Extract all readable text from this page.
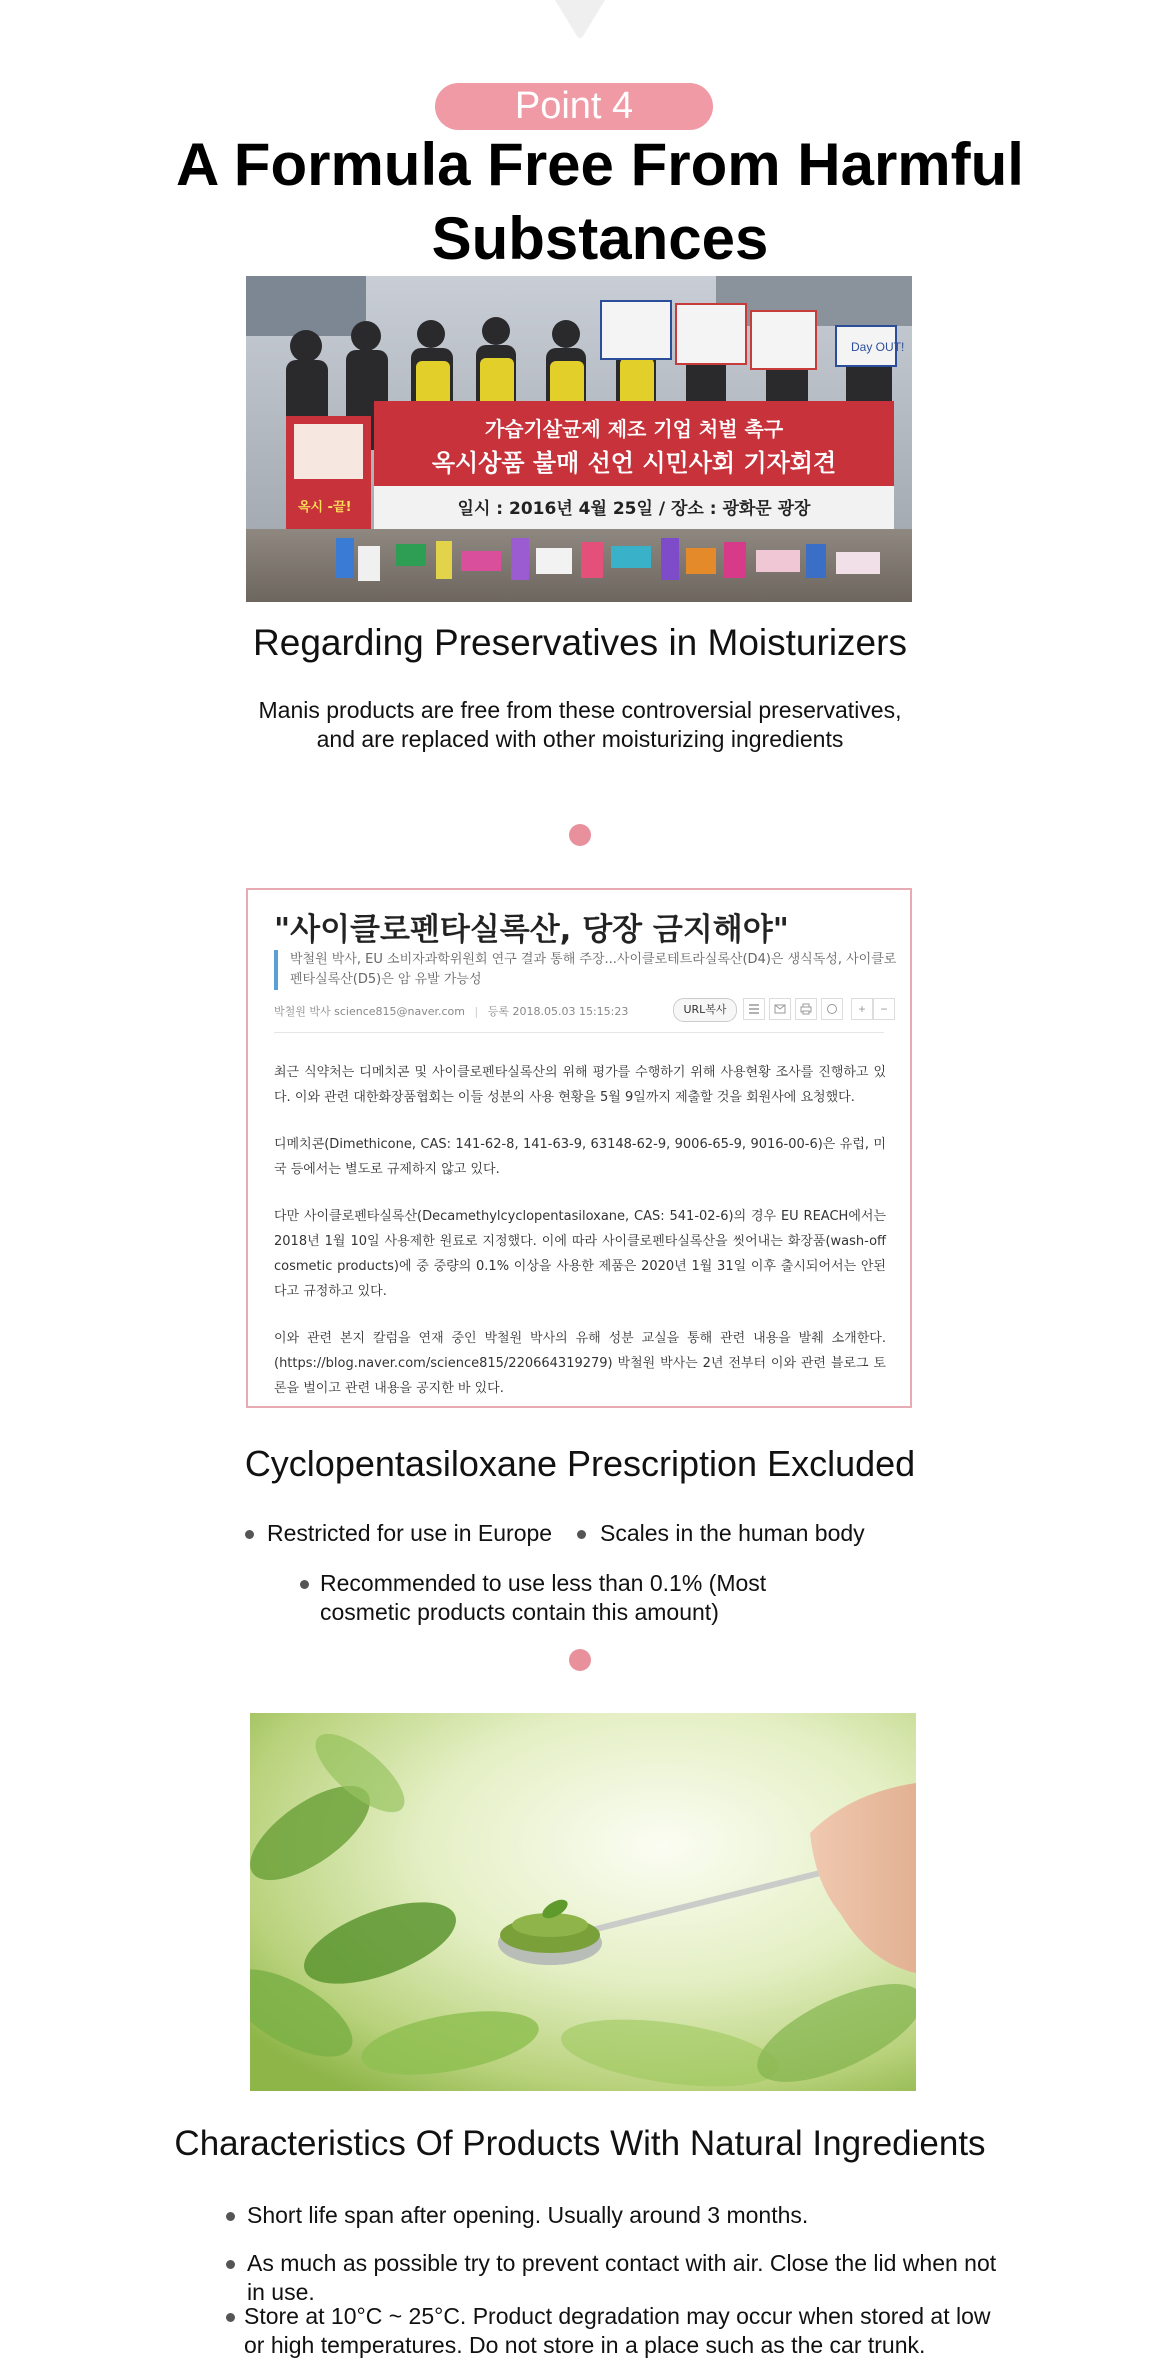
Point 4
A Formula Free From Harmful Substances
Day OUT!
옥시 -끝!
가습기살균제 제조 기업 처벌 촉구
옥시상품 불매 선언 시민사회 기자회견
일시 : 2016년 4월 25일 / 장소 : 광화문 광장
Regarding Preservatives in Moisturizers
Manis products are free from these controversial preservatives, and are replaced with other moisturizing ingredients
"사이클로펜타실록산, 당장 금지해야"
박철원 박사, EU 소비자과학위원회 연구 결과 통해 주장...사이클로테트라실록산(D4)은 생식독성, 사이클로펜타실록산(D5)은 암 유발 가능성
박철원 박사 science815@naver.com | 등록 2018.05.03 15:15:23	URL복사	+	−
최근 식약처는 디메치콘 및 사이클로펜타실록산의 위해 평가를 수행하기 위해 사용현황 조사를 진행하고 있다. 이와 관련 대한화장품협회는 이들 성분의 사용 현황을 5월 9일까지 제출할 것을 회원사에 요청했다.
디메치콘(Dimethicone, CAS: 141-62-8, 141-63-9, 63148-62-9, 9006-65-9, 9016-00-6)은 유럽, 미국 등에서는 별도로 규제하지 않고 있다.
다만 사이클로펜타실록산(Decamethylcyclopentasiloxane, CAS: 541-02-6)의 경우 EU REACH에서는 2018년 1월 10일 사용제한 원료로 지정했다. 이에 따라 사이클로펜타실록산을 씻어내는 화장품(wash-off cosmetic products)에 중 중량의 0.1% 이상을 사용한 제품은 2020년 1월 31일 이후 출시되어서는 안된다고 규정하고 있다.
이와 관련 본지 칼럼을 연재 중인 박철원 박사의 유해 성분 교실을 통해 관련 내용을 발췌 소개한다. (https://blog.naver.com/science815/220664319279) 박철원 박사는 2년 전부터 이와 관련 블로그 토론을 벌이고 관련 내용을 공지한 바 있다.
Cyclopentasiloxane Prescription Excluded
Restricted for use in Europe Scales in the human body
Recommended to use less than 0.1% (Most cosmetic products contain this amount)
Characteristics Of Products With Natural Ingredients
Short life span after opening. Usually around 3 months.
As much as possible try to prevent contact with air. Close the lid when not in use.
Store at 10°C ~ 25°C. Product degradation may occur when stored at low or high temperatures. Do not store in a place such as the car trunk.
